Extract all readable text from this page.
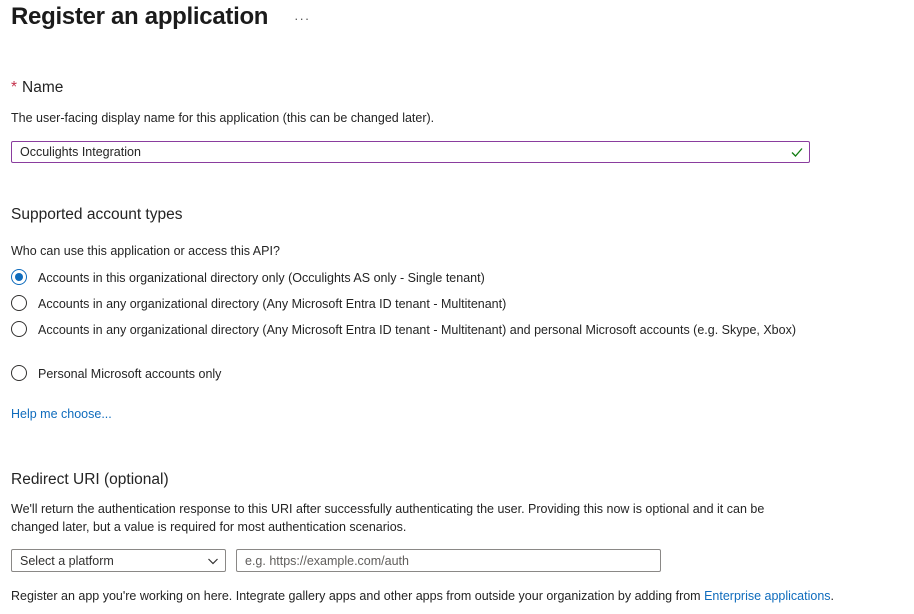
Register an application ···
* Name
The user-facing display name for this application (this can be changed later).
Occulights Integration
Supported account types
Who can use this application or access this API?
Accounts in this organizational directory only (Occulights AS only - Single tenant)
Accounts in any organizational directory (Any Microsoft Entra ID tenant - Multitenant)
Accounts in any organizational directory (Any Microsoft Entra ID tenant - Multitenant) and personal Microsoft accounts (e.g. Skype, Xbox)
Personal Microsoft accounts only
Help me choose...
Redirect URI (optional)
We'll return the authentication response to this URI after successfully authenticating the user. Providing this now is optional and it can be changed later, but a value is required for most authentication scenarios.
Select a platform
e.g. https://example.com/auth
Register an app you're working on here. Integrate gallery apps and other apps from outside your organization by adding from Enterprise applications.
